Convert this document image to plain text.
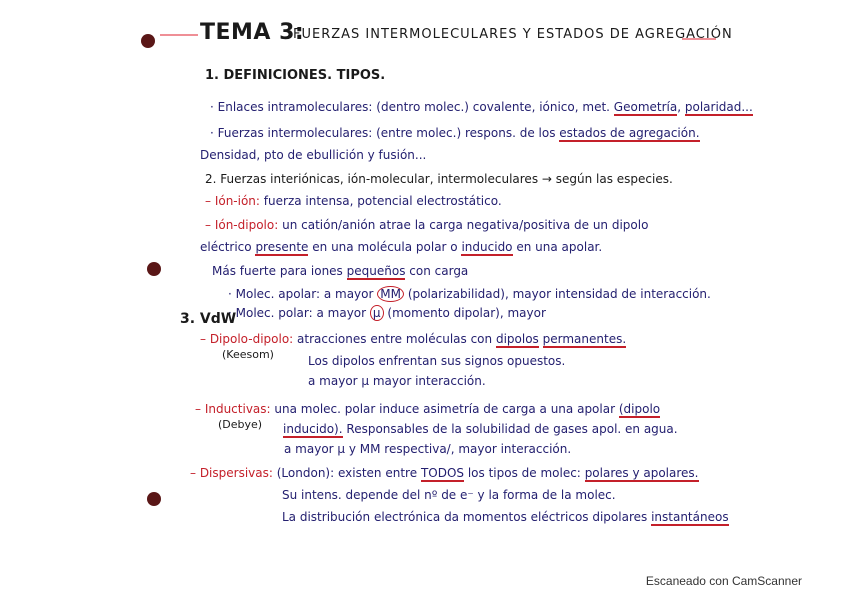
TEMA 3:
FUERZAS INTERMOLECULARES Y ESTADOS DE AGREGACIÓN
1. DEFINICIONES. TIPOS.
· Enlaces intramoleculares: (dentro molec.) covalente, iónico, met. Geometría, polaridad...
· Fuerzas intermoleculares: (entre molec.) respons. de los estados de agregación.
Densidad, pto de ebullición y fusión...
2. Fuerzas interiónicas, ión-molecular, intermoleculares → según las especies.
– Ión-ión: fuerza intensa, potencial electrostático.
– Ión-dipolo: un catión/anión atrae la carga negativa/positiva de un dipolo
eléctrico presente en una molécula polar o inducido en una apolar.
Más fuerte para iones pequeños con carga
· Molec. apolar: a mayor MM (polarizabilidad), mayor intensidad de interacción.
· Molec. polar: a mayor μ (momento dipolar), mayor
3. VdW
– Dipolo-dipolo: atracciones entre moléculas con dipolos permanentes.
(Keesom)	Los dipolos enfrentan sus signos opuestos.
a mayor μ mayor interacción.
– Inductivas: una molec. polar induce asimetría de carga a una apolar (dipolo
(Debye) inducido). Responsables de la solubilidad de gases apol. en agua.
a mayor μ y MM respectiva/, mayor interacción.
– Dispersivas: (London): existen entre TODOS los tipos de molec: polares y apolares.
Su intens. depende del nº de e⁻ y la forma de la molec.
La distribución electrónica da momentos eléctricos dipolares instantáneos
Escaneado con CamScanner
